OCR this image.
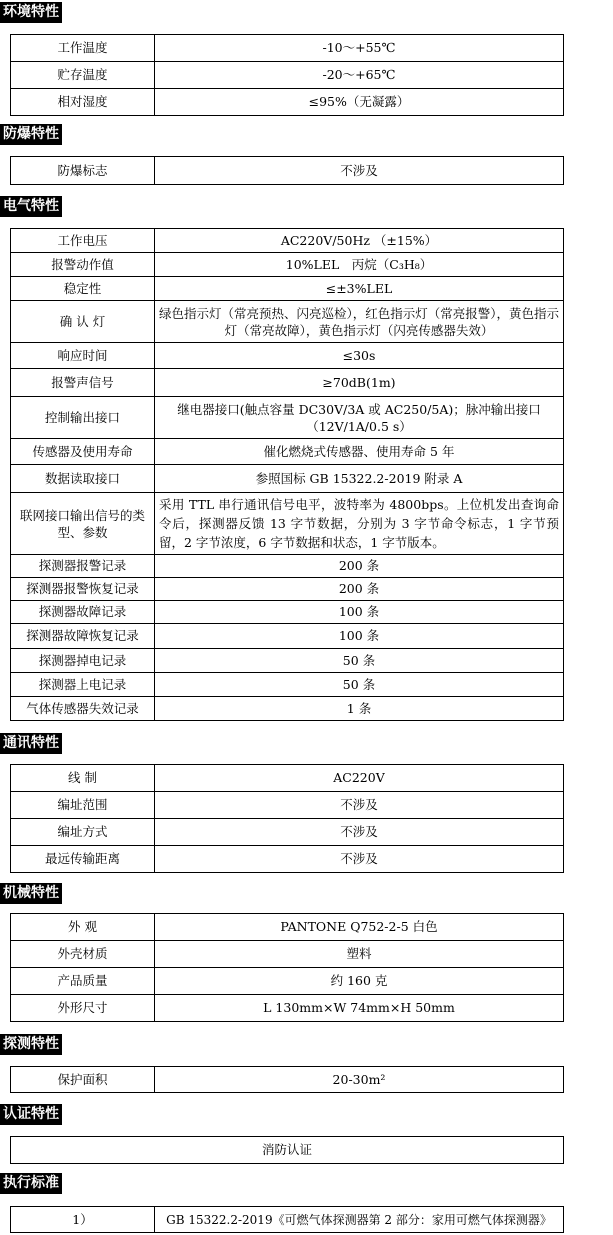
环境特性
工作温度	-10～+55℃
贮存温度	-20～+65℃
相对湿度	≤95%（无凝露）
防爆特性
防爆标志	不涉及
电气特性
工作电压	AC220V/50Hz （±15%）
报警动作值	10%LEL　丙烷（C₃H₈）
稳定性	≤±3%LEL
确 认 灯	绿色指示灯（常亮预热、闪亮巡检），红色指示灯（常亮报警），黄色指示灯（常亮故障），黄色指示灯（闪亮传感器失效）
响应时间	≤30s
报警声信号	≥70dB(1m)
控制输出接口	继电器接口(触点容量 DC30V/3A 或 AC250/5A)；脉冲输出接口（12V/1A/0.5 s）
传感器及使用寿命	催化燃烧式传感器、使用寿命 5 年
数据读取接口	参照国标 GB 15322.2-2019 附录 A
联网接口输出信号的类型、参数	采用 TTL 串行通讯信号电平，波特率为 4800bps。上位机发出查询命令后，探测器反馈 13 字节数据，分别为 3 字节命令标志，1 字节预留，2 字节浓度，6 字节数据和状态，1 字节版本。
探测器报警记录	200 条
探测器报警恢复记录	200 条
探测器故障记录	100 条
探测器故障恢复记录	100 条
探测器掉电记录	50 条
探测器上电记录	50 条
气体传感器失效记录	1 条
通讯特性
线 制	AC220V
编址范围	不涉及
编址方式	不涉及
最远传输距离	不涉及
机械特性
外 观	PANTONE Q752-2-5 白色
外壳材质	塑料
产品质量	约 160 克
外形尺寸	L 130mm×W 74mm×H 50mm
探测特性
保护面积	20-30m²
认证特性
消防认证
执行标准
1）	GB 15322.2-2019《可燃气体探测器第 2 部分：家用可燃气体探测器》
